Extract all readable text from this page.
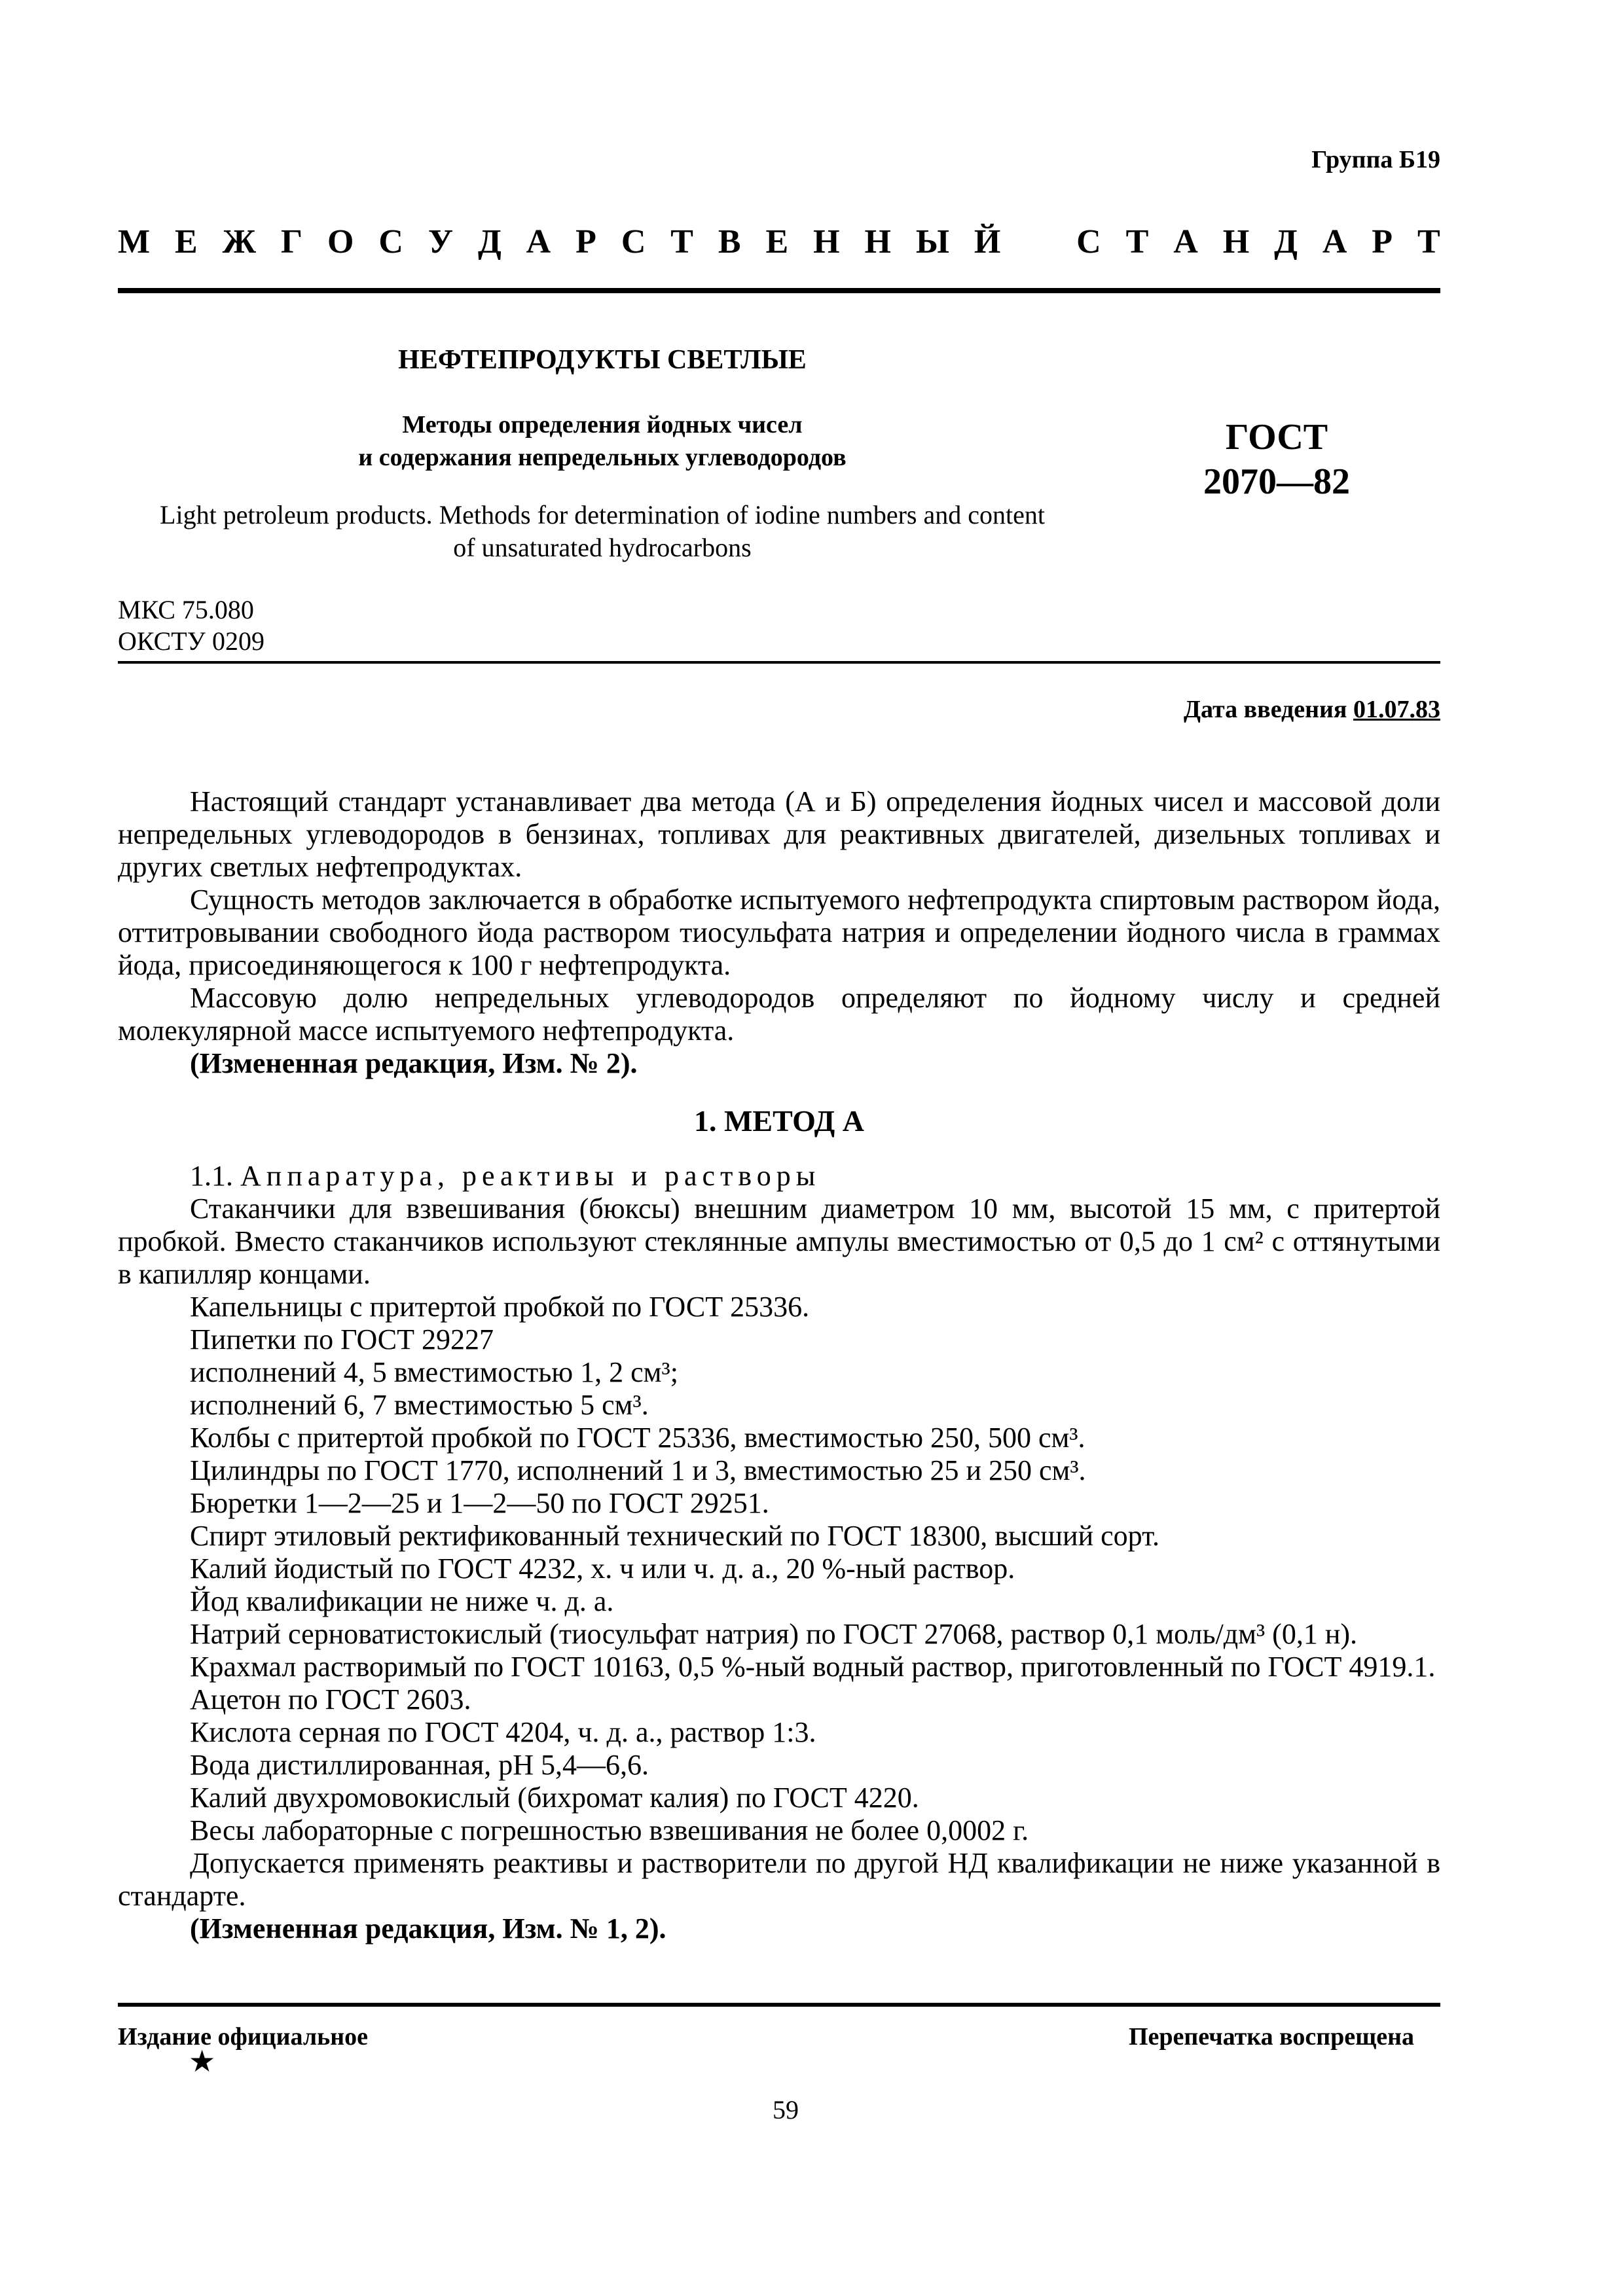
Группа Б19
М Е Ж Г О С У Д А Р С Т В Е Н Н Ы Й С Т А Н Д А Р Т
НЕФТЕПРОДУКТЫ СВЕТЛЫЕ
Методы определения йодных чисел
и содержания непредельных углеводородов	ГОСТ
2070—82
Light petroleum products. Methods for determination of iodine numbers and content
of unsaturated hydrocarbons
МКС 75.080
ОКСТУ 0209
Дата введения 01.07.83

Настоящий стандарт устанавливает два метода (А и Б) определения йодных чисел и массовой доли непредельных углеводородов в бензинах, топливах для реактивных двигателей, дизельных топливах и других светлых нефтепродуктах.

Сущность методов заключается в обработке испытуемого нефтепродукта спиртовым раствором йода, оттитровывании свободного йода раствором тиосульфата натрия и определении йодного числа в граммах йода, присоединяющегося к 100 г нефтепродукта.

Массовую долю непредельных углеводородов определяют по йодному числу и средней молекулярной массе испытуемого нефтепродукта.

(Измененная редакция, Изм. № 2).

1. МЕТОД А

1.1. Аппаратура, реактивы и растворы

Стаканчики для взвешивания (бюксы) внешним диаметром 10 мм, высотой 15 мм, с притертой пробкой. Вместо стаканчиков используют стеклянные ампулы вместимостью от 0,5 до 1 см² с оттянутыми в капилляр концами.

Капельницы с притертой пробкой по ГОСТ 25336.

Пипетки по ГОСТ 29227

исполнений 4, 5 вместимостью 1, 2 см³;

исполнений 6, 7 вместимостью 5 см³.

Колбы с притертой пробкой по ГОСТ 25336, вместимостью 250, 500 см³.

Цилиндры по ГОСТ 1770, исполнений 1 и 3, вместимостью 25 и 250 см³.

Бюретки 1—2—25 и 1—2—50 по ГОСТ 29251.

Спирт этиловый ректификованный технический по ГОСТ 18300, высший сорт.

Калий йодистый по ГОСТ 4232, х. ч или ч. д. а., 20 %-ный раствор.

Йод квалификации не ниже ч. д. а.

Натрий серноватистокислый (тиосульфат натрия) по ГОСТ 27068, раствор 0,1 моль/дм³ (0,1 н).

Крахмал растворимый по ГОСТ 10163, 0,5 %-ный водный раствор, приготовленный по ГОСТ 4919.1.

Ацетон по ГОСТ 2603.

Кислота серная по ГОСТ 4204, ч. д. а., раствор 1:3.

Вода дистиллированная, pH 5,4—6,6.

Калий двухромовокислый (бихромат калия) по ГОСТ 4220.

Весы лабораторные с погрешностью взвешивания не более 0,0002 г.

Допускается применять реактивы и растворители по другой НД квалификации не ниже указанной в стандарте.

(Измененная редакция, Изм. № 1, 2).

Издание официальное
★
Перепечатка воспрещена
59
